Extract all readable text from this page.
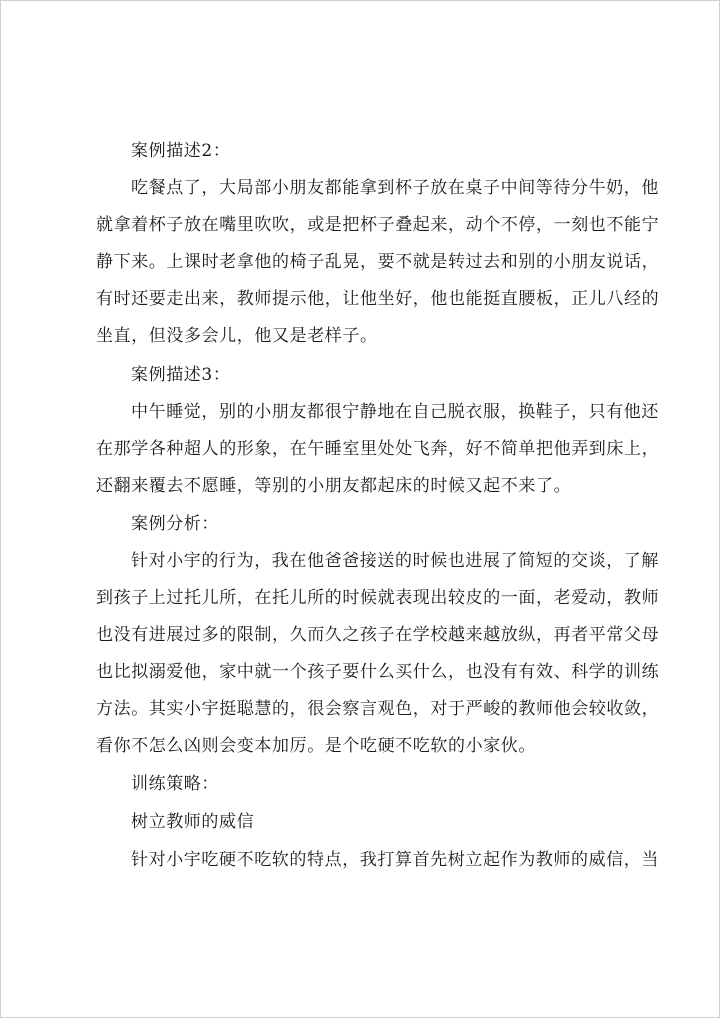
案例描述2：
吃餐点了，大局部小朋友都能拿到杯子放在桌子中间等待分牛奶，他
就拿着杯子放在嘴里吹吹，或是把杯子叠起来，动个不停，一刻也不能宁
静下来。上课时老拿他的椅子乱晃，要不就是转过去和别的小朋友说话，
有时还要走出来，教师提示他，让他坐好，他也能挺直腰板，正儿八经的
坐直，但没多会儿，他又是老样子。
案例描述3：
中午睡觉，别的小朋友都很宁静地在自己脱衣服，换鞋子，只有他还
在那学各种超人的形象，在午睡室里处处飞奔，好不简单把他弄到床上，
还翻来覆去不愿睡，等别的小朋友都起床的时候又起不来了。
案例分析：
针对小宇的行为，我在他爸爸接送的时候也进展了简短的交谈，了解
到孩子上过托儿所，在托儿所的时候就表现出较皮的一面，老爱动，教师
也没有进展过多的限制，久而久之孩子在学校越来越放纵，再者平常父母
也比拟溺爱他，家中就一个孩子要什么买什么，也没有有效、科学的训练
方法。其实小宇挺聪慧的，很会察言观色，对于严峻的教师他会较收敛，
看你不怎么凶则会变本加厉。是个吃硬不吃软的小家伙。
训练策略：
树立教师的威信
针对小宇吃硬不吃软的特点，我打算首先树立起作为教师的威信，当
